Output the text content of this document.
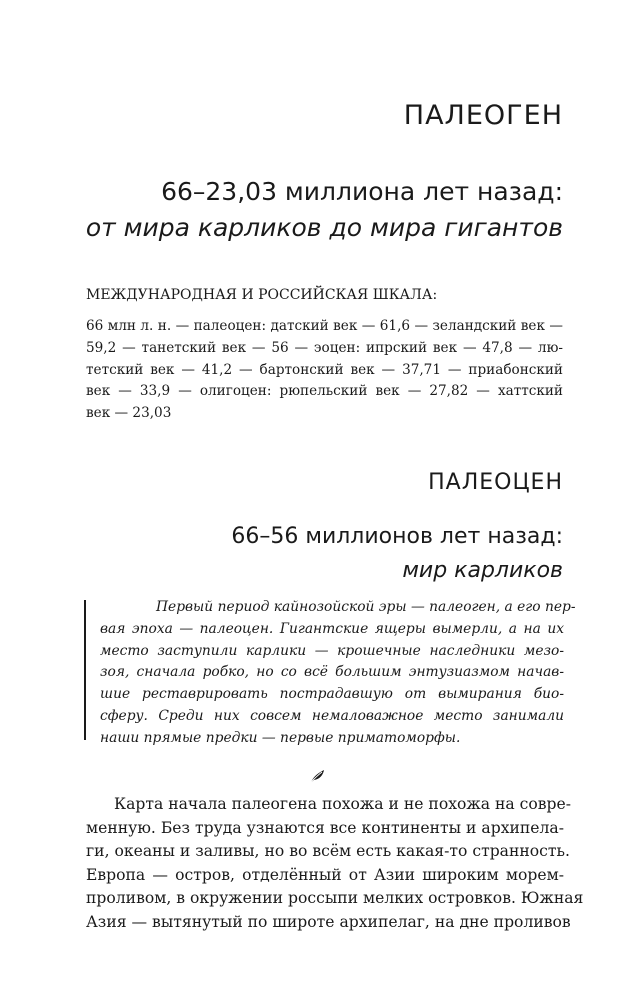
ПАЛЕОГЕН
66–23,03 миллиона лет назад:
от мира карликов до мира гигантов
МЕЖДУНАРОДНАЯ И РОССИЙСКАЯ ШКАЛА:
66 млн л. н. — палеоцен: датский век — 61,6 — зеландский век —
59,2 — танетский век — 56 — эоцен: ипрский век — 47,8 — лю-
тетский век — 41,2 — бартонский век — 37,71 — приабонский
век — 33,9 — олигоцен: рюпельский век — 27,82 — хаттский
век — 23,03
ПАЛЕОЦЕН
66–56 миллионов лет назад:
мир карликов
Первый период кайнозойской эры — палеоген, а его пер-
вая эпоха — палеоцен. Гигантские ящеры вымерли, а на их
место заступили карлики — крошечные наследники мезо-
зоя, сначала робко, но со всё большим энтузиазмом начав-
шие реставрировать пострадавшую от вымирания био-
сферу. Среди них совсем немаловажное место занимали
наши прямые предки — первые приматоморфы.
Карта начала палеогена похожа и не похожа на совре-
менную. Без труда узнаются все континенты и архипела-
ги, океаны и заливы, но во всём есть какая-то странность.
Европа — остров, отделённый от Азии широким морем-
проливом, в окружении россыпи мелких островков. Южная
Азия — вытянутый по широте архипелаг, на дне проливов
